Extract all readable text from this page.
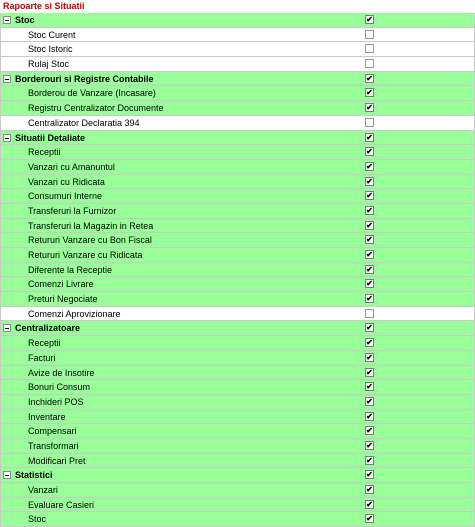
Rapoarte si Situatii
Stoc	✔
Stoc Curent
Stoc Istoric
Rulaj Stoc
Borderouri si Registre Contabile	✔
Borderou de Vanzare (Incasare)	✔
Registru Centralizator Documente	✔
Centralizator Declaratia 394
Situatii Detaliate	✔
Receptii	✔
Vanzari cu Amanuntul	✔
Vanzari cu Ridicata	✔
Consumuri Interne	✔
Transferuri la Furnizor	✔
Transferuri la Magazin in Retea	✔
Retururi Vanzare cu Bon Fiscal	✔
Retururi Vanzare cu Ridicata	✔
Diferente la Receptie	✔
Comenzi Livrare	✔
Preturi Negociate	✔
Comenzi Aprovizionare
Centralizatoare	✔
Receptii	✔
Facturi	✔
Avize de Insotire	✔
Bonuri Consum	✔
Inchideri POS	✔
Inventare	✔
Compensari	✔
Transformari	✔
Modificari Pret	✔
Statistici	✔
Vanzari	✔
Evaluare Casieri	✔
Stoc	✔
